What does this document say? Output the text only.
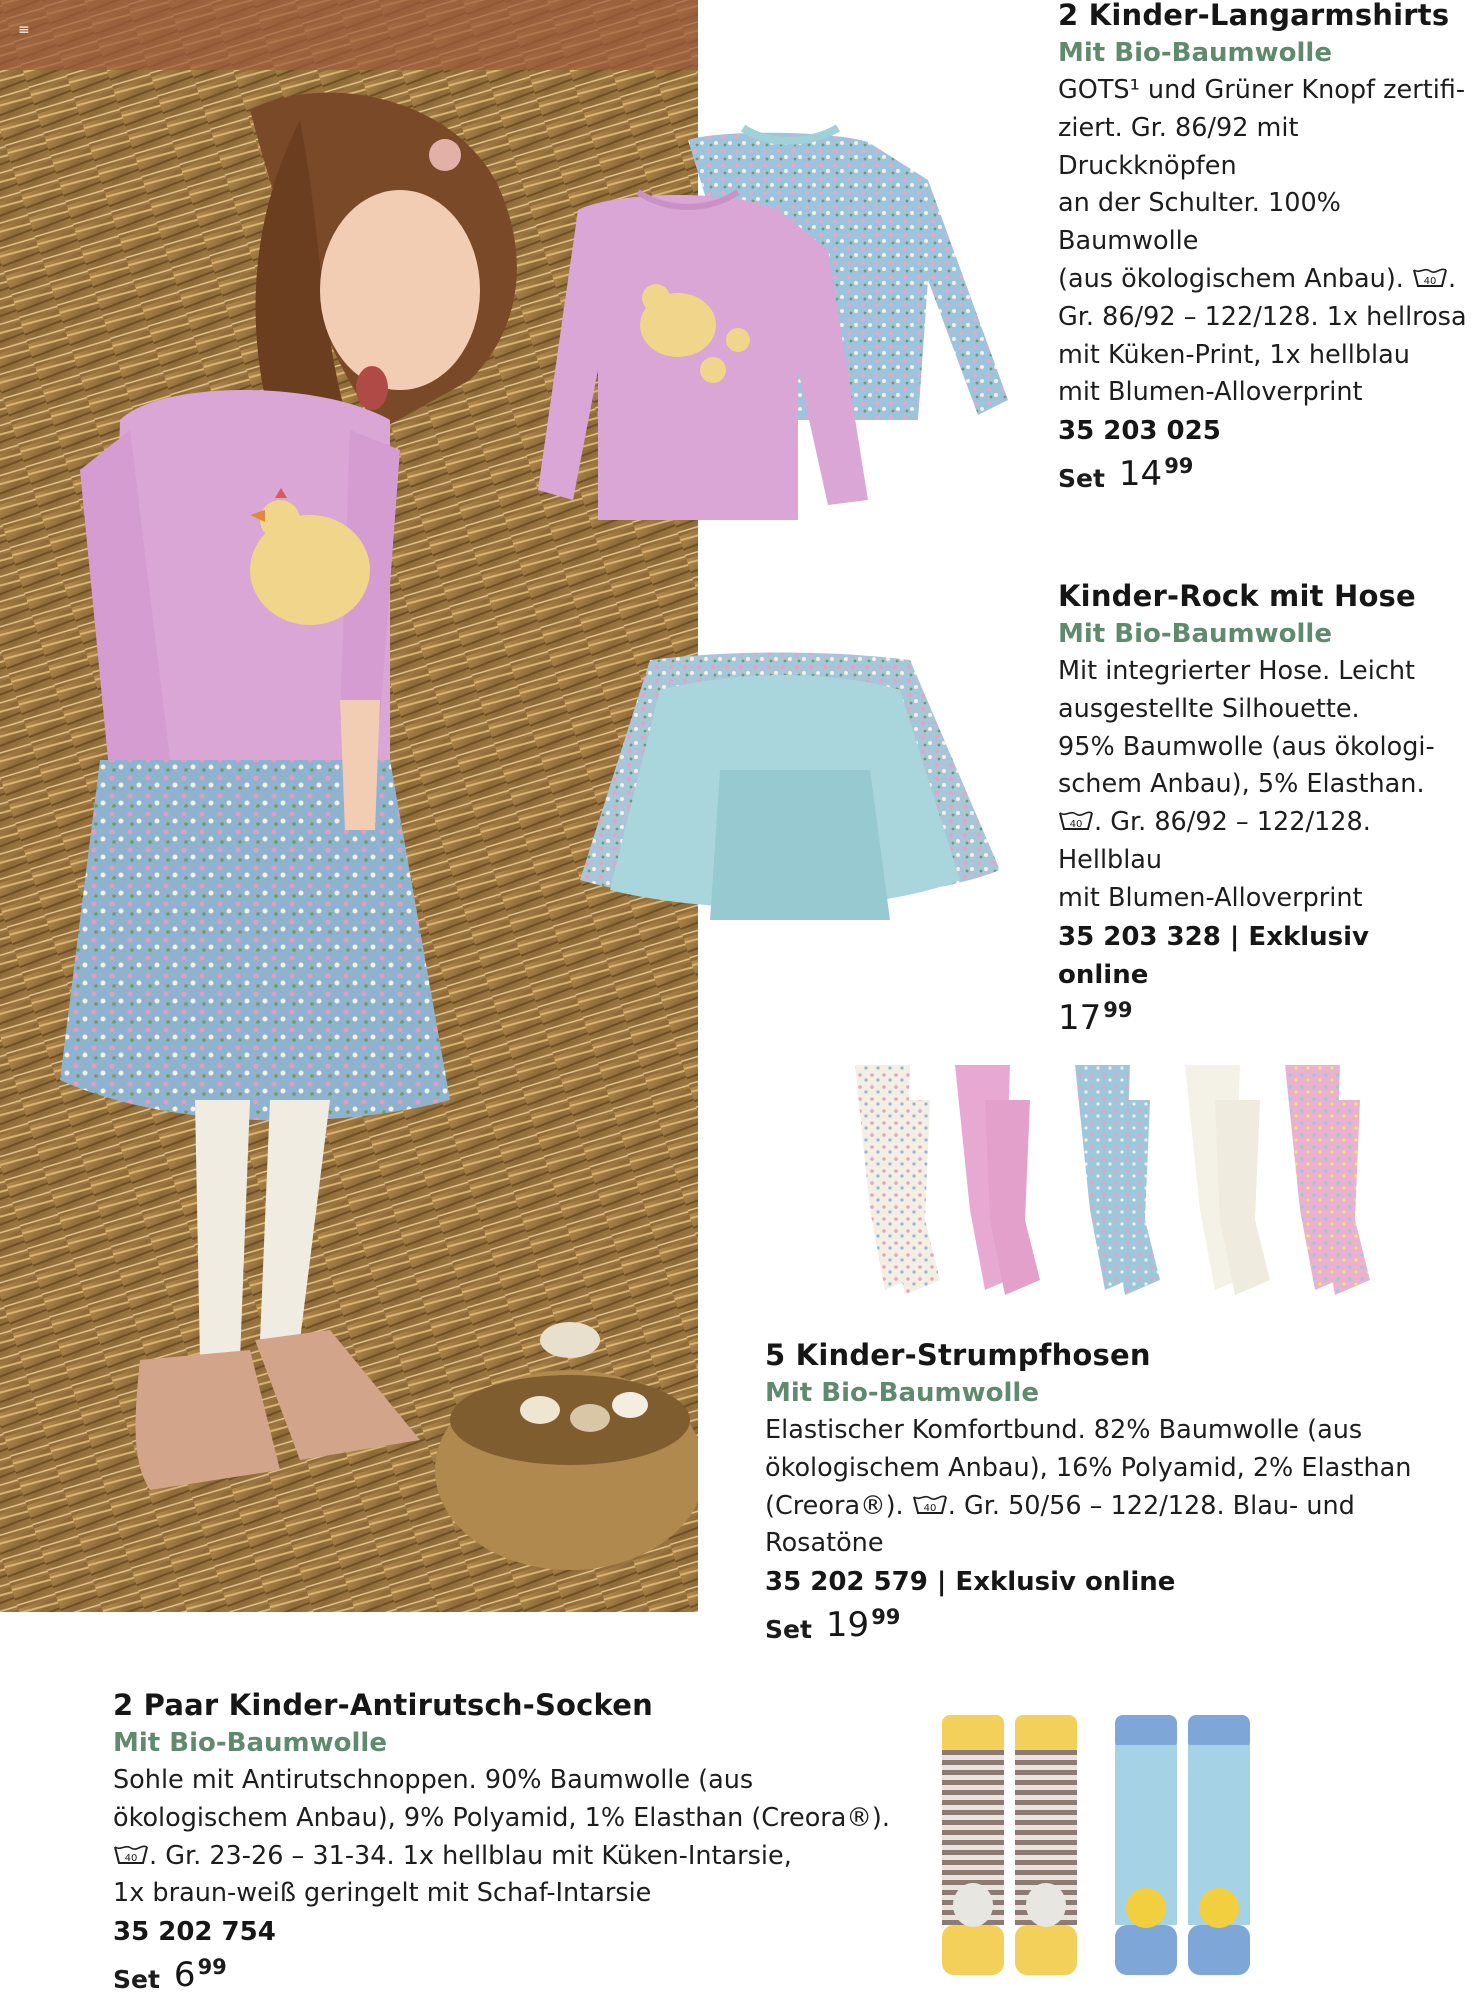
≡	2 Kinder-Langarmshirts
Mit Bio-Baumwolle
GOTS¹ und Grüner Knopf zertifi-
ziert. Gr. 86/92 mit Druckknöpfen
an der Schulter. 100% Baumwolle
(aus ökologischem Anbau). 40 .
Gr. 86/92 – 122/128. 1x hellrosa
mit Küken-Print, 1x hellblau
mit Blumen-Alloverprint
35 203 025
Set 14 99
Kinder-Rock mit Hose
Mit Bio-Baumwolle
Mit integrierter Hose. Leicht
ausgestellte Silhouette.
95% Baumwolle (aus ökologi-
schem Anbau), 5% Elasthan.

40 . Gr. 86/92 – 122/128. Hellblau
mit Blumen-Alloverprint
35 203 328 | Exklusiv online
17 99
5 Kinder-Strumpfhosen
Mit Bio-Baumwolle
Elastischer Komfortbund. 82% Baumwolle (aus
ökologischem Anbau), 16% Polyamid, 2% Elasthan
(Creora®). 40 . Gr. 50/56 – 122/128. Blau- und Rosatöne
35 202 579 | Exklusiv online
Set 19 99
2 Paar Kinder-Antirutsch-Socken
Mit Bio-Baumwolle
Sohle mit Antirutschnoppen. 90% Baumwolle (aus
ökologischem Anbau), 9% Polyamid, 1% Elasthan (Creora®).

40 . Gr. 23-26 – 31-34. 1x hellblau mit Küken-Intarsie,
1x braun-weiß geringelt mit Schaf-Intarsie
35 202 754
Set 6 99
